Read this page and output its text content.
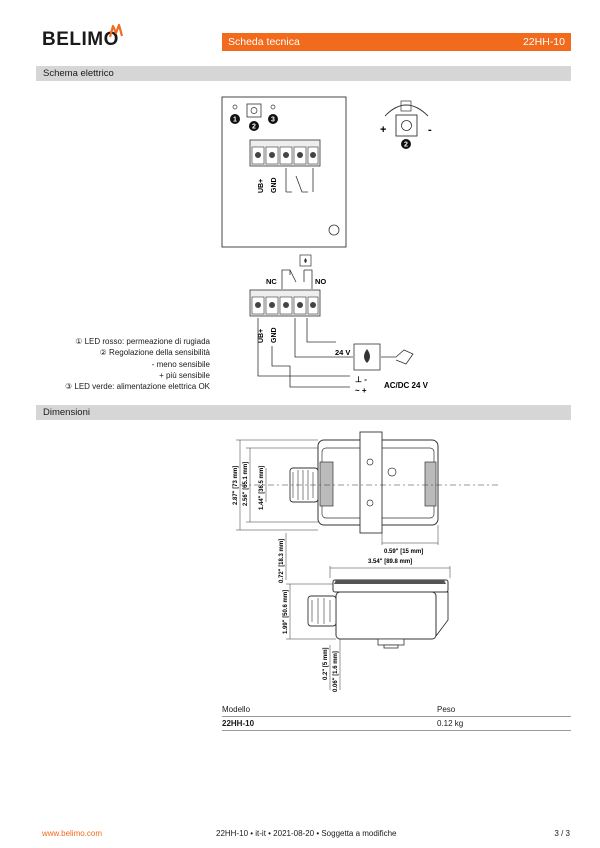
BELIMO	Scheda tecnica	22HH-10
Schema elettrico
1
2
3
UB+ GND
2
+	-
NC	NO
UB+ GND
24 V
⊥ -
~ +
AC/DC 24 V
① LED rosso: permeazione di rugiada
② Regolazione della sensibilità
- meno sensibile
+ più sensibile
③ LED verde: alimentazione elettrica OK
Dimensioni
2.87" [73 mm] 2.56" [65.1 mm] 1.44" [36.5 mm]
0.59" [15 mm]
0.72" [18.3 mm]	3.54" [89.8 mm]
1.99" [50.6 mm]
0.2" [5 mm] 0.06" [1.6 mm]
Modello	Peso
22HH-10	0.12 kg
www.belimo.com	22HH-10 • it-it • 2021-08-20 • Soggetta a modifiche	3 / 3
